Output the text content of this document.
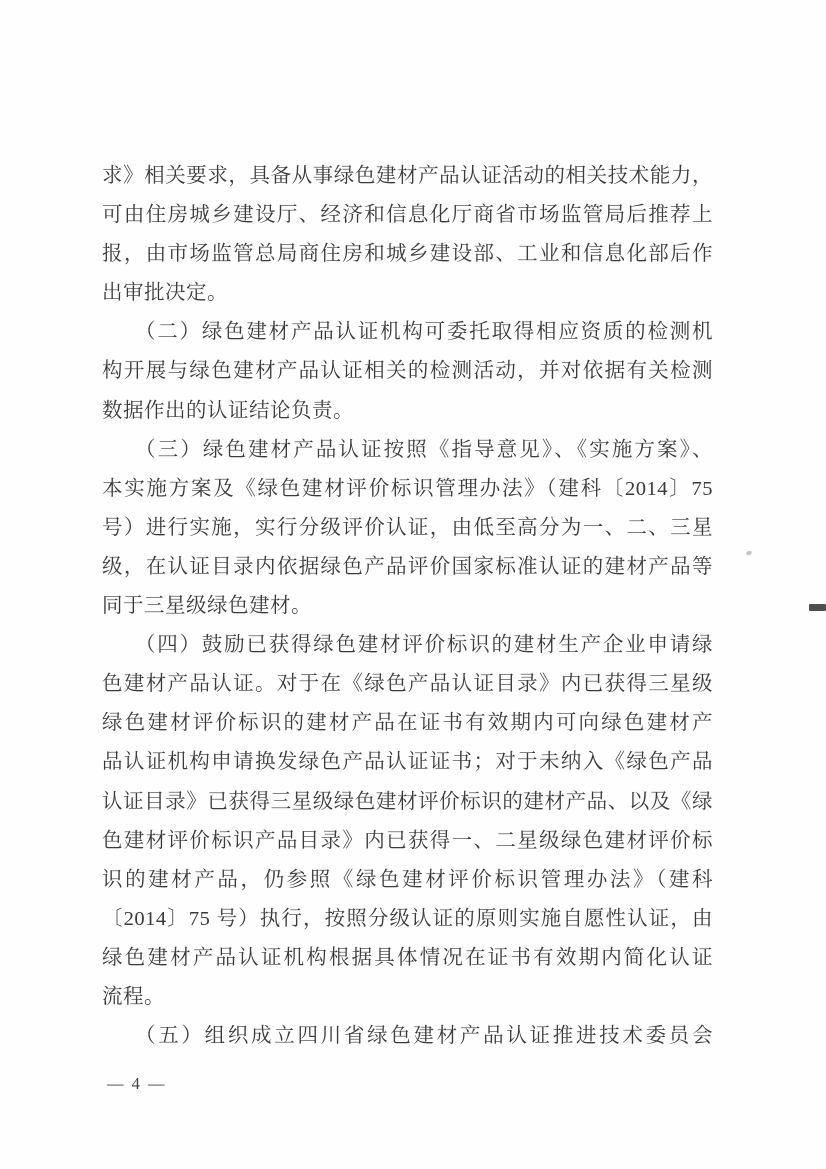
求》相关要求，具备从事绿色建材产品认证活动的相关技术能力，
可由住房城乡建设厅、经济和信息化厅商省市场监管局后推荐上
报，由市场监管总局商住房和城乡建设部、工业和信息化部后作
出审批决定。
（二）绿色建材产品认证机构可委托取得相应资质的检测机
构开展与绿色建材产品认证相关的检测活动，并对依据有关检测
数据作出的认证结论负责。
（三）绿色建材产品认证按照《指导意见》、《实施方案》、
本实施方案及《绿色建材评价标识管理办法》（建科〔2014〕75
号）进行实施，实行分级评价认证，由低至高分为一、二、三星
级，在认证目录内依据绿色产品评价国家标准认证的建材产品等
同于三星级绿色建材。
（四）鼓励已获得绿色建材评价标识的建材生产企业申请绿
色建材产品认证。对于在《绿色产品认证目录》内已获得三星级
绿色建材评价标识的建材产品在证书有效期内可向绿色建材产
品认证机构申请换发绿色产品认证证书；对于未纳入《绿色产品
认证目录》已获得三星级绿色建材评价标识的建材产品、以及《绿
色建材评价标识产品目录》内已获得一、二星级绿色建材评价标
识的建材产品，仍参照《绿色建材评价标识管理办法》（建科
〔2014〕75 号）执行，按照分级认证的原则实施自愿性认证，由
绿色建材产品认证机构根据具体情况在证书有效期内简化认证
流程。
（五）组织成立四川省绿色建材产品认证推进技术委员会
— 4 —
